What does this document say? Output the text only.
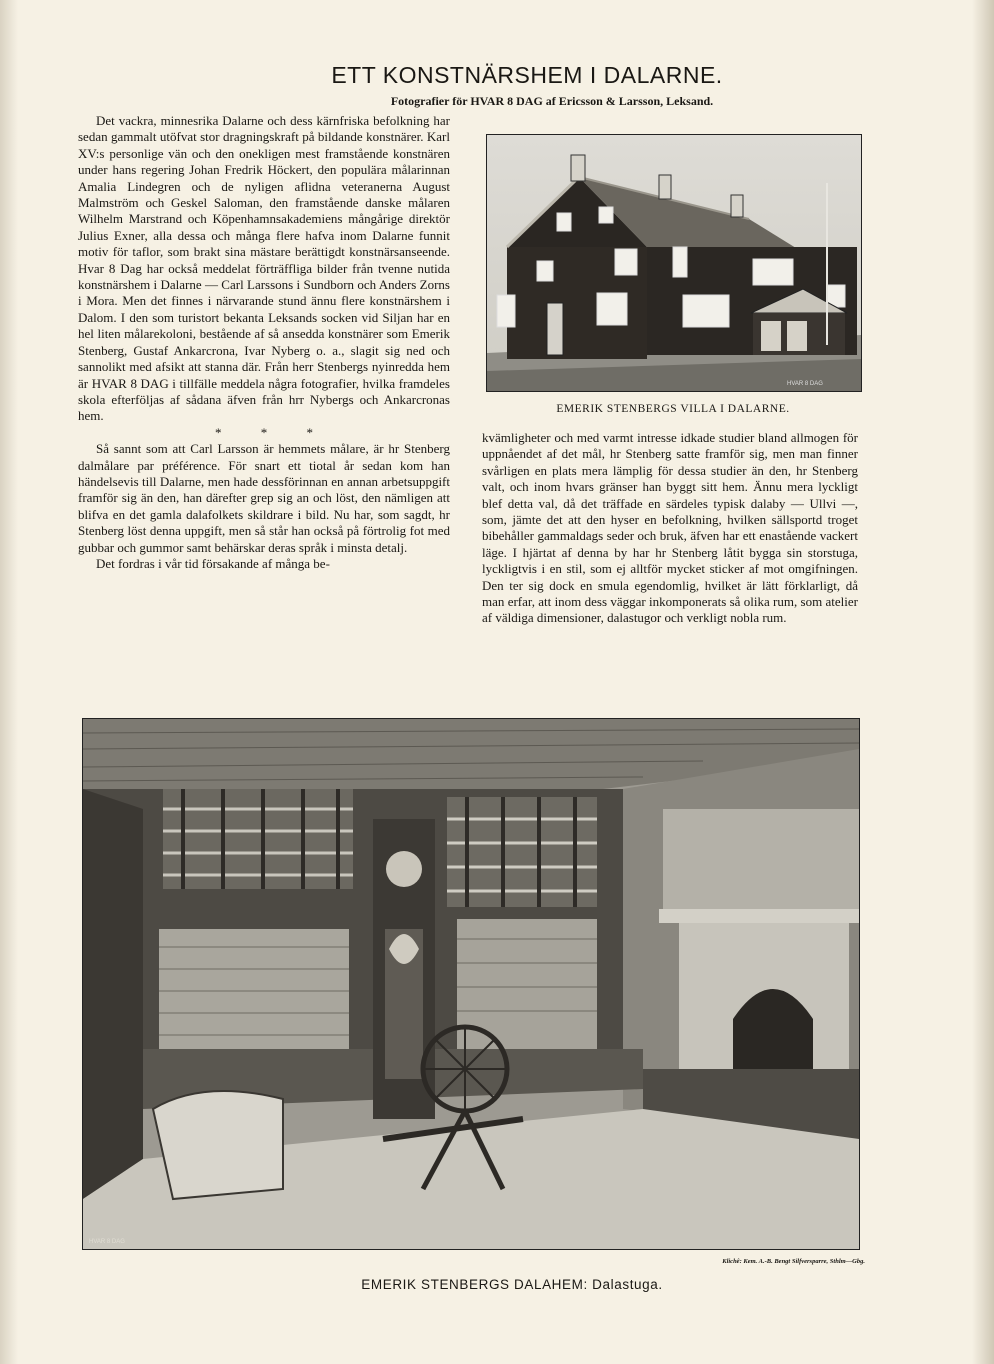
ETT KONSTNÄRSHEM I DALARNE.
Fotografier för HVAR 8 DAG af Ericsson & Larsson, Leksand.

Det vackra, minnesrika Dalarne och dess kärnfriska befolkning har sedan gammalt utöfvat stor dragningskraft på bildande konstnärer. Karl XV:s personlige vän och den onekligen mest framstående konstnären under hans regering Johan Fredrik Höckert, den populära målarinnan Amalia Lindegren och de nyligen aflidna veteranerna August Malmström och Geskel Saloman, den framstående danske målaren Wilhelm Marstrand och Köpenhamnsakademiens mångårige direktör Julius Exner, alla dessa och många flere hafva inom Dalarne funnit motiv för taflor, som brakt sina mästare berättigdt konstnärsanseende. Hvar 8 Dag har också meddelat förträffliga bilder från tvenne nutida konstnärshem i Dalarne — Carl Larssons i Sundborn och Anders Zorns i Mora. Men det finnes i närvarande stund ännu flere konstnärshem i Dalom. I den som turistort bekanta Leksands socken vid Siljan har en hel liten målarekoloni, bestående af så ansedda konstnärer som Emerik Stenberg, Gustaf Ankarcrona, Ivar Nyberg o. a., slagit sig ned och sannolikt med afsikt att stanna där. Från herr Stenbergs nyinredda hem är HVAR 8 DAG i tillfälle meddela några fotografier, hvilka framdeles skola efterföljas af sådana äfven från hrr Nybergs och Ankarcronas hem.

* * *

Så sannt som att Carl Larsson är hemmets målare, är hr Stenberg dalmålare par préférence. För snart ett tiotal år sedan kom han händelsevis till Dalarne, men hade dessförinnan en annan arbetsuppgift framför sig än den, han därefter grep sig an och löst, den nämligen att blifva en det gamla dalafolkets skildrare i bild. Nu har, som sagdt, hr Stenberg löst denna uppgift, men så står han också på förtrolig fot med gubbar och gummor samt behärskar deras språk i minsta detalj.

Det fordras i vår tid försakande af många be-

HVAR 8 DAG
EMERIK STENBERGS VILLA I DALARNE.

kvämligheter och med varmt intresse idkade studier bland allmogen för uppnåendet af det mål, hr Stenberg satte framför sig, men man finner svårligen en plats mera lämplig för dessa studier än den, hr Stenberg valt, och inom hvars gränser han byggt sitt hem. Ännu mera lyckligt blef detta val, då det träffade en särdeles typisk dalaby — Ullvi —, som, jämte det att den hyser en befolkning, hvilken sällsportd troget bibehåller gammaldags seder och bruk, äfven har ett enastående vackert läge. I hjärtat af denna by har hr Stenberg låtit bygga sin storstuga, lyckligtvis i en stil, som ej alltför mycket sticker af mot omgifningen. Den ter sig dock en smula egendomlig, hvilket är lätt förklarligt, då man erfar, att inom dess väggar inkomponerats så olika rum, som atelier af väldiga dimensioner, dalastugor och verkligt nobla rum.

HVAR 8 DAG
Klichê: Kem. A.-B. Bengt Silfversparre, Sthlm—Gbg.
EMERIK STENBERGS DALAHEM: Dalastuga.
